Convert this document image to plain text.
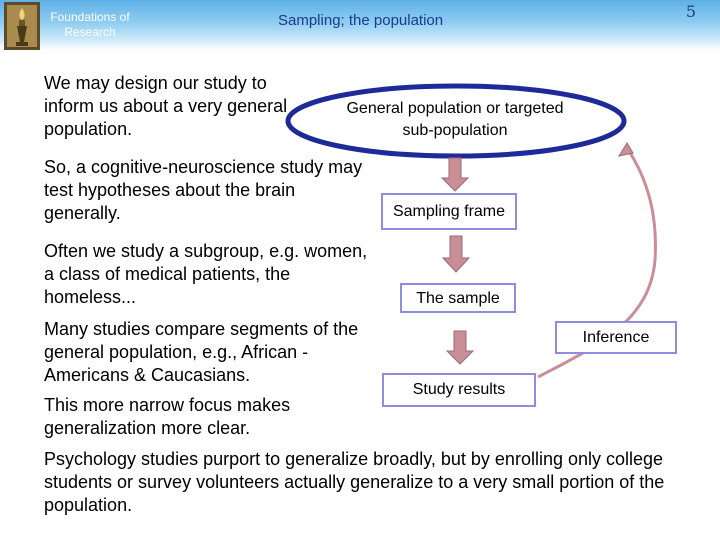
Foundations of Research
Sampling; the population	5

We may design our study to inform us about a very general population.

So, a cognitive-neuroscience study may test hypotheses about the brain generally.

Often we study a subgroup, e.g. women, a class of medical patients, the homeless...

Many studies compare segments of the general population, e.g., African -Americans & Caucasians.

This more narrow focus makes generalization more clear.

Psychology studies purport to generalize broadly, but by enrolling only college students or survey volunteers actually generalize to a very small portion of the population.

General population or targeted sub-population
Sampling frame
The sample
Study results
Inference
